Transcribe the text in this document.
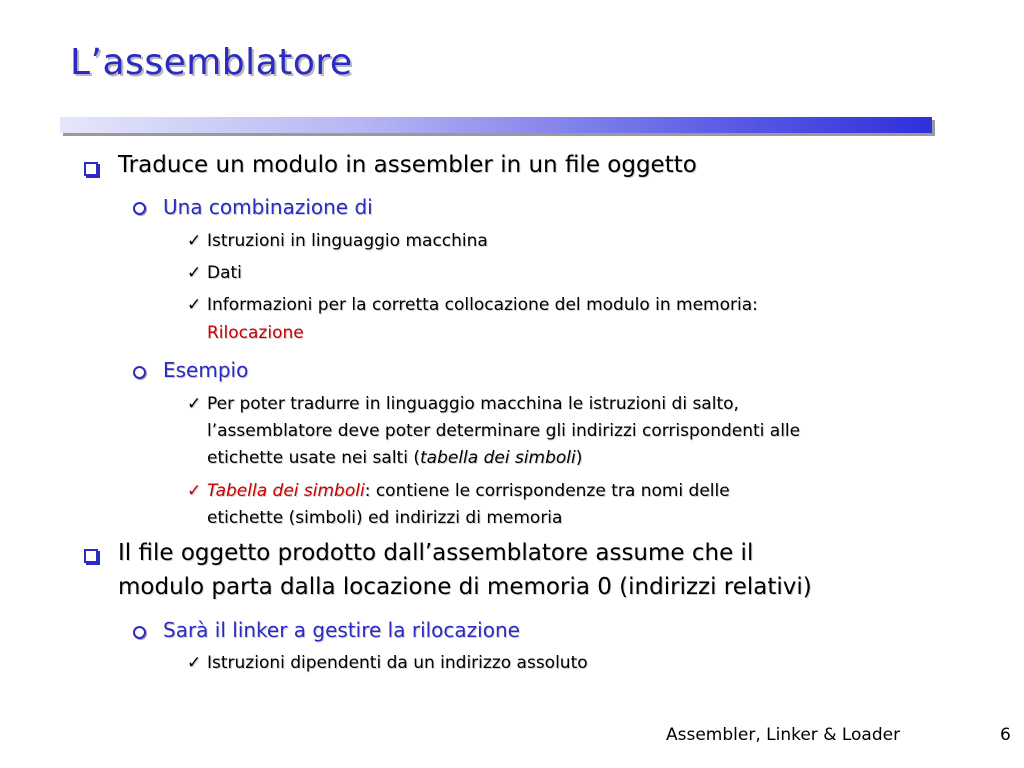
L’assemblatore
Traduce un modulo in assembler in un file oggetto
Una combinazione di
✓ Istruzioni in linguaggio macchina
✓ Dati
✓ Informazioni per la corretta collocazione del modulo in memoria:
Rilocazione
Esempio
✓ Per poter tradurre in linguaggio macchina le istruzioni di salto,
l’assemblatore deve poter determinare gli indirizzi corrispondenti alle
etichette usate nei salti (tabella dei simboli)
✓ Tabella dei simboli: contiene le corrispondenze tra nomi delle
etichette (simboli) ed indirizzi di memoria
Il file oggetto prodotto dall’assemblatore assume che il
modulo parta dalla locazione di memoria 0 (indirizzi relativi)
Sarà il linker a gestire la rilocazione
✓ Istruzioni dipendenti da un indirizzo assoluto
Assembler, Linker & Loader	6
